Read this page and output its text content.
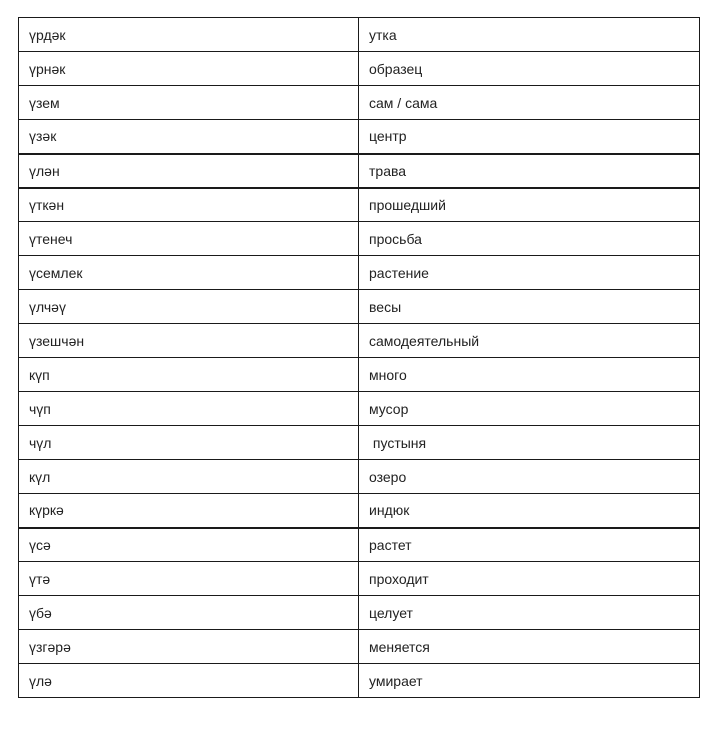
үрдәк	утка
үрнәк	образец
үзем	сам / сама
үзәк	центр
үлән	трава
үткән	прошедший
үтенеч	просьба
үсемлек	растение
үлчәү	весы
үзешчән	самодеятельный
күп	много
чүп	мусор
чүл	пустыня
күл	озеро
күркә	индюк
үсә	растет
үтә	проходит
үбә	целует
үзгәрә	меняется
үлә	умирает
